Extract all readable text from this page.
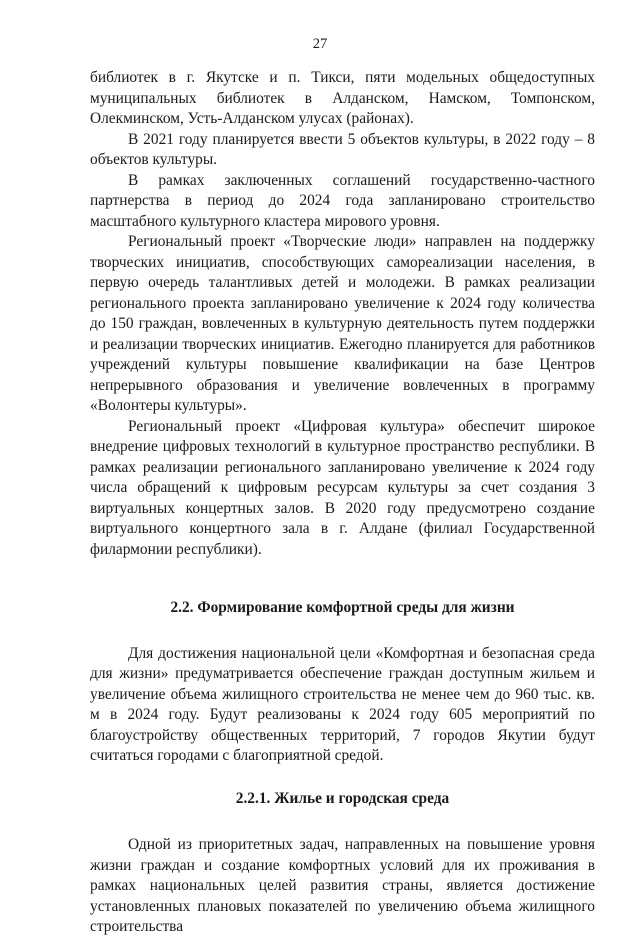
27

библиотек в г. Якутске и п. Тикси, пяти модельных общедоступных муниципальных библиотек в Алданском, Намском, Томпонском, Олекминском, Усть-Алданском улусах (районах).

В 2021 году планируется ввести 5 объектов культуры, в 2022 году – 8 объектов культуры.

В рамках заключенных соглашений государственно-частного партнерства в период до 2024 года запланировано строительство масштабного культурного кластера мирового уровня.

Региональный проект «Творческие люди» направлен на поддержку творческих инициатив, способствующих самореализации населения, в первую очередь талантливых детей и молодежи. В рамках реализации регионального проекта запланировано увеличение к 2024 году количества до 150 граждан, вовлеченных в культурную деятельность путем поддержки и реализации творческих инициатив. Ежегодно планируется для работников учреждений культуры повышение квалификации на базе Центров непрерывного образования и увеличение вовлеченных в программу «Волонтеры культуры».

Региональный проект «Цифровая культура» обеспечит широкое внедрение цифровых технологий в культурное пространство республики. В рамках реализации регионального запланировано увеличение к 2024 году числа обращений к цифровым ресурсам культуры за счет создания 3 виртуальных концертных залов. В 2020 году предусмотрено создание виртуального концертного зала в г. Алдане (филиал Государственной филармонии республики).

2.2. Формирование комфортной среды для жизни

Для достижения национальной цели «Комфортная и безопасная среда для жизни» предуматривается обеспечение граждан доступным жильем и увеличение объема жилищного строительства не менее чем до 960 тыс. кв. м в 2024 году. Будут реализованы к 2024 году 605 мероприятий по благоустройству общественных территорий, 7 городов Якутии будут считаться городами с благоприятной средой.

2.2.1. Жилье и городская среда

Одной из приоритетных задач, направленных на повышение уровня жизни граждан и создание комфортных условий для их проживания в рамках национальных целей развития страны, является достижение установленных плановых показателей по увеличению объема жилищного строительства
